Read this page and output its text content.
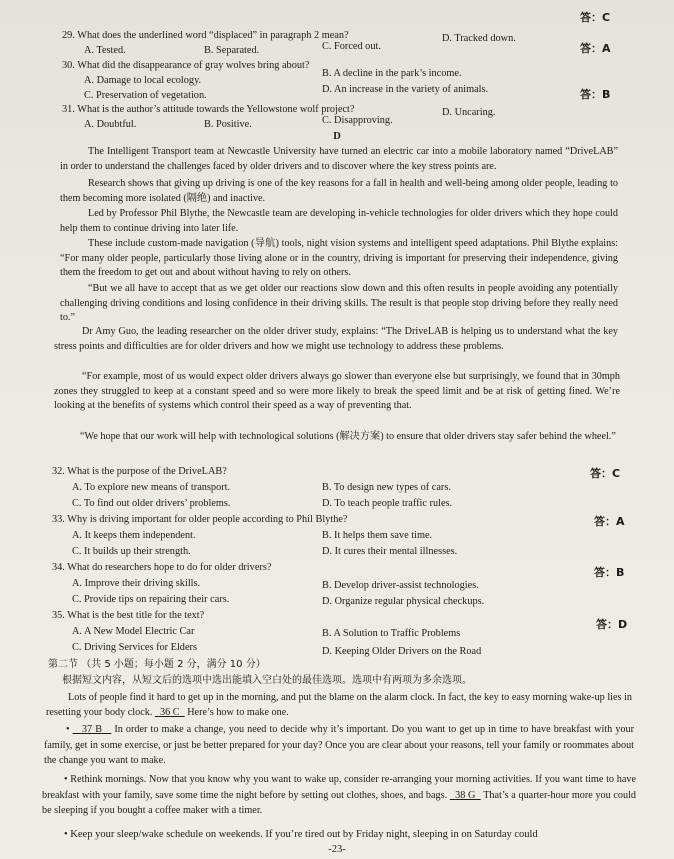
答：C
29. What does the underlined word “displaced” in paragraph 2 mean?
A. Tested.	B. Separated.	C. Forced out.
D. Tracked down.
答：A
30. What did the disappearance of gray wolves bring about?
A. Damage to local ecology.
B. A decline in the park’s income.
C. Preservation of vegetation.
D. An increase in the variety of animals.	答：B
31. What is the author’s attitude towards the Yellowstone wolf project?
A. Doubtful.	B. Positive.	C. Disapproving.
D. Uncaring.
D
The Intelligent Transport team at Newcastle University have turned an electric car into a mobile laboratory named “DriveLAB” in order to understand the challenges faced by older drivers and to discover where the key stress points are.
Research shows that giving up driving is one of the key reasons for a fall in health and well-being among older people, leading to them becoming more isolated (隔绝) and inactive.
Led by Professor Phil Blythe, the Newcastle team are developing in-vehicle technologies for older drivers which they hope could help them to continue driving into later life.
These include custom-made navigation (导航) tools, night vision systems and intelligent speed adaptations. Phil Blythe explains: “For many older people, particularly those living alone or in the country, driving is important for preserving their independence, giving them the freedom to get out and about without having to rely on others.
“But we all have to accept that as we get older our reactions slow down and this often results in people avoiding any potentially challenging driving conditions and losing confidence in their driving skills. The result is that people stop driving before they really need to.”
Dr Amy Guo, the leading researcher on the older driver study, explains: “The DriveLAB is helping us to understand what the key stress points and difficulties are for older drivers and how we might use technology to address these problems.
“For example, most of us would expect older drivers always go slower than everyone else but surprisingly, we found that in 30mph zones they struggled to keep at a constant speed and so were more likely to break the speed limit and be at risk of getting fined. We’re looking at the benefits of systems which control their speed as a way of preventing that.
“We hope that our work will help with technological solutions (解决方案) to ensure that older drivers stay safer behind the wheel.”
32. What is the purpose of the DriveLAB?	答：C
A. To explore new means of transport.	B. To design new types of cars.
C. To find out older drivers’ problems.	D. To teach people traffic rules.
33. Why is driving important for older people according to Phil Blythe?	答：A
A. It keeps them independent.	B. It helps them save time.
C. It builds up their strength.	D. It cures their mental illnesses.
34. What do researchers hope to do for older drivers?	答：B
A. Improve their driving skills.	B. Develop driver-assist technologies.
C. Provide tips on repairing their cars.	D. Organize regular physical checkups.
35. What is the best title for the text?
答：D
A. A New Model Electric Car	B. A Solution to Traffic Problems
C. Driving Services for Elders	D. Keeping Older Drivers on the Road
第二节 （共 5 小题；每小题 2 分，满分 10 分）
根据短文内容，从短文后的选项中选出能填入空白处的最佳选项。选项中有两项为多余选项。
Lots of people find it hard to get up in the morning, and put the blame on the alarm clock. In fact, the key to easy morning wake-up lies in resetting your body clock. 36 C Here’s how to make one.
•    37 B In order to make a change, you need to decide why it’s important. Do you want to get up in time to have breakfast with your family, get in some exercise, or just be better prepared for your day? Once you are clear about your reasons, tell your family or roommates about the change you want to make.
• Rethink mornings. Now that you know why you want to wake up, consider re-arranging your morning activities. If you want time to have breakfast with your family, save some time the night before by setting out clothes, shoes, and bags. 38 G That’s a quarter-hour more you could be sleeping if you bought a coffee maker with a timer.
• Keep your sleep/wake schedule on weekends. If you’re tired out by Friday night, sleeping in on Saturday could
-23-
